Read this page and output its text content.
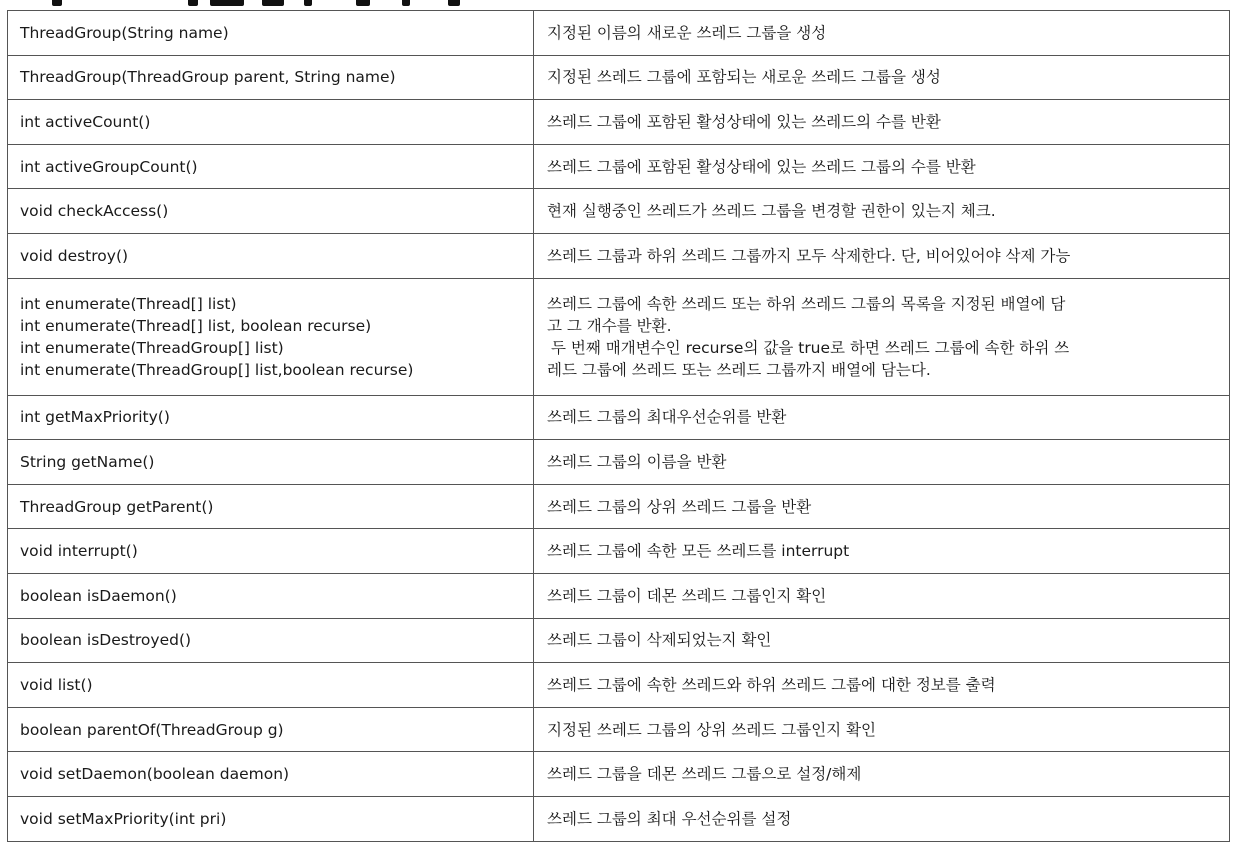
ThreadGroup(String name)	지정된 이름의 새로운 쓰레드 그룹을 생성
ThreadGroup(ThreadGroup parent, String name)	지정된 쓰레드 그룹에 포함되는 새로운 쓰레드 그룹을 생성
int activeCount()	쓰레드 그룹에 포함된 활성상태에 있는 쓰레드의 수를 반환
int activeGroupCount()	쓰레드 그룹에 포함된 활성상태에 있는 쓰레드 그룹의 수를 반환
void checkAccess()	현재 실행중인 쓰레드가 쓰레드 그룹을 변경할 권한이 있는지 체크.
void destroy()	쓰레드 그룹과 하위 쓰레드 그룹까지 모두 삭제한다. 단, 비어있어야 삭제 가능

int enumerate(Thread[] list)
int enumerate(Thread[] list, boolean recurse)
int enumerate(ThreadGroup[] list)
int enumerate(ThreadGroup[] list,boolean recurse)	쓰레드 그룹에 속한 쓰레드 또는 하위 쓰레드 그룹의 목록을 지정된 배열에 담
고 그 개수를 반환.
두 번째 매개변수인 recurse의 값을 true로 하면 쓰레드 그룹에 속한 하위 쓰
레드 그룹에 쓰레드 또는 쓰레드 그룹까지 배열에 담는다.

int getMaxPriority()	쓰레드 그룹의 최대우선순위를 반환
String getName()	쓰레드 그룹의 이름을 반환
ThreadGroup getParent()	쓰레드 그룹의 상위 쓰레드 그룹을 반환
void interrupt()	쓰레드 그룹에 속한 모든 쓰레드를 interrupt
boolean isDaemon()	쓰레드 그룹이 데몬 쓰레드 그룹인지 확인
boolean isDestroyed()	쓰레드 그룹이 삭제되었는지 확인
void list()	쓰레드 그룹에 속한 쓰레드와 하위 쓰레드 그룹에 대한 정보를 출력
boolean parentOf(ThreadGroup g)	지정된 쓰레드 그룹의 상위 쓰레드 그룹인지 확인
void setDaemon(boolean daemon)	쓰레드 그룹을 데몬 쓰레드 그룹으로 설정/해제
void setMaxPriority(int pri)	쓰레드 그룹의 최대 우선순위를 설정
